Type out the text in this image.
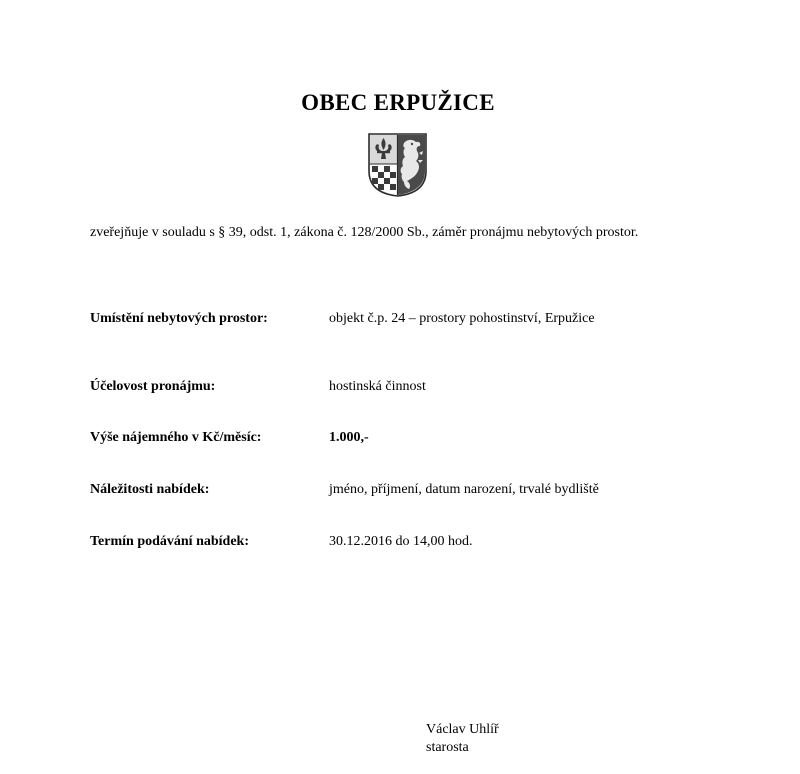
OBEC ERPUŽICE
zveřejňuje v souladu s § 39, odst. 1, zákona č. 128/2000 Sb., záměr pronájmu nebytových prostor.
Umístění nebytových prostor:	objekt č.p. 24 – prostory pohostinství, Erpužice
Účelovost pronájmu:	hostinská činnost
Výše nájemného v Kč/měsíc:	1.000,-
Náležitosti nabídek:	jméno, příjmení, datum narození, trvalé bydliště
Termín podávání nabídek:	30.12.2016 do 14,00 hod.
Václav Uhlíř
starosta
